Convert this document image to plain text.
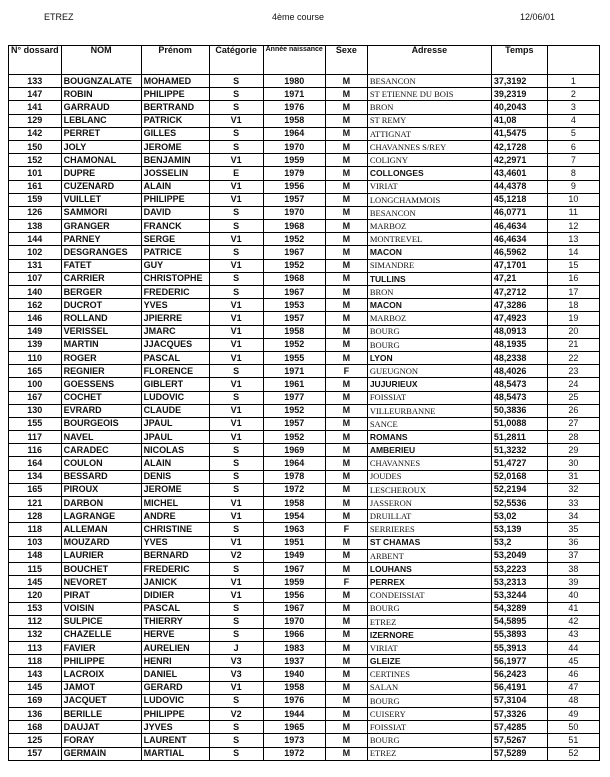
ETREZ	4ème course	12/06/01
N° dossard	NOM	Prénom	Catégorie	Année naissance	Sexe	Adresse	Temps	
133	BOUGNZALATE	MOHAMED	S	1980	M	BESANCON	37,3192	1
147	ROBIN	PHILIPPE	S	1971	M	ST ETIENNE DU BOIS	39,2319	2
141	GARRAUD	BERTRAND	S	1976	M	BRON	40,2043	3
129	LEBLANC	PATRICK	V1	1958	M	ST REMY	41,08	4
142	PERRET	GILLES	S	1964	M	ATTIGNAT	41,5475	5
150	JOLY	JEROME	S	1970	M	CHAVANNES S/REY	42,1728	6
152	CHAMONAL	BENJAMIN	V1	1959	M	COLIGNY	42,2971	7
101	DUPRE	JOSSELIN	E	1979	M	COLLONGES	43,4601	8
161	CUZENARD	ALAIN	V1	1956	M	VIRIAT	44,4378	9
159	VUILLET	PHILIPPE	V1	1957	M	LONGCHAMMOIS	45,1218	10
126	SAMMORI	DAVID	S	1970	M	BESANCON	46,0771	11
138	GRANGER	FRANCK	S	1968	M	MARBOZ	46,4634	12
144	PARNEY	SERGE	V1	1952	M	MONTREVEL	46,4634	13
102	DESGRANGES	PATRICE	S	1967	M	MACON	46,5962	14
131	FATET	GUY	V1	1952	M	SIMANDRE	47,1701	15
107	CARRIER	CHRISTOPHE	S	1968	M	TULLINS	47,21	16
140	BERGER	FREDERIC	S	1967	M	BRON	47,2712	17
162	DUCROT	YVES	V1	1953	M	MACON	47,3286	18
146	ROLLAND	JPIERRE	V1	1957	M	MARBOZ	47,4923	19
149	VERISSEL	JMARC	V1	1958	M	BOURG	48,0913	20
139	MARTIN	JJACQUES	V1	1952	M	BOURG	48,1935	21
110	ROGER	PASCAL	V1	1955	M	LYON	48,2338	22
165	REGNIER	FLORENCE	S	1971	F	GUEUGNON	48,4026	23
100	GOESSENS	GIBLERT	V1	1961	M	JUJURIEUX	48,5473	24
167	COCHET	LUDOVIC	S	1977	M	FOISSIAT	48,5473	25
130	EVRARD	CLAUDE	V1	1952	M	VILLEURBANNE	50,3836	26
155	BOURGEOIS	JPAUL	V1	1957	M	SANCE	51,0088	27
117	NAVEL	JPAUL	V1	1952	M	ROMANS	51,2811	28
116	CARADEC	NICOLAS	S	1969	M	AMBERIEU	51,3232	29
164	COULON	ALAIN	S	1964	M	CHAVANNES	51,4727	30
134	BESSARD	DENIS	S	1978	M	JOUDES	52,0168	31
165	PIROUX	JEROME	S	1972	M	LESCHEROUX	52,2194	32
121	DARBON	MICHEL	V1	1958	M	JASSERON	52,5536	33
128	LAGRANGE	ANDRE	V1	1954	M	DRUILLAT	53,02	34
118	ALLEMAN	CHRISTINE	S	1963	F	SERRIERES	53,139	35
103	MOUZARD	YVES	V1	1951	M	ST CHAMAS	53,2	36
148	LAURIER	BERNARD	V2	1949	M	ARBENT	53,2049	37
115	BOUCHET	FREDERIC	S	1967	M	LOUHANS	53,2223	38
145	NEVORET	JANICK	V1	1959	F	PERREX	53,2313	39
120	PIRAT	DIDIER	V1	1956	M	CONDEISSIAT	53,3244	40
153	VOISIN	PASCAL	S	1967	M	BOURG	54,3289	41
112	SULPICE	THIERRY	S	1970	M	ETREZ	54,5895	42
132	CHAZELLE	HERVE	S	1966	M	IZERNORE	55,3893	43
113	FAVIER	AURELIEN	J	1983	M	VIRIAT	55,3913	44
118	PHILIPPE	HENRI	V3	1937	M	GLEIZE	56,1977	45
143	LACROIX	DANIEL	V3	1940	M	CERTINES	56,2423	46
145	JAMOT	GERARD	V1	1958	M	SALAN	56,4191	47
169	JACQUET	LUDOVIC	S	1976	M	BOURG	57,3104	48
136	BERILLE	PHILIPPE	V2	1944	M	CUISERY	57,3326	49
168	DAUJAT	JYVES	S	1965	M	FOISSIAT	57,4285	50
125	FORAY	LAURENT	S	1973	M	BOURG	57,5267	51
157	GERMAIN	MARTIAL	S	1972	M	ETREZ	57,5289	52
